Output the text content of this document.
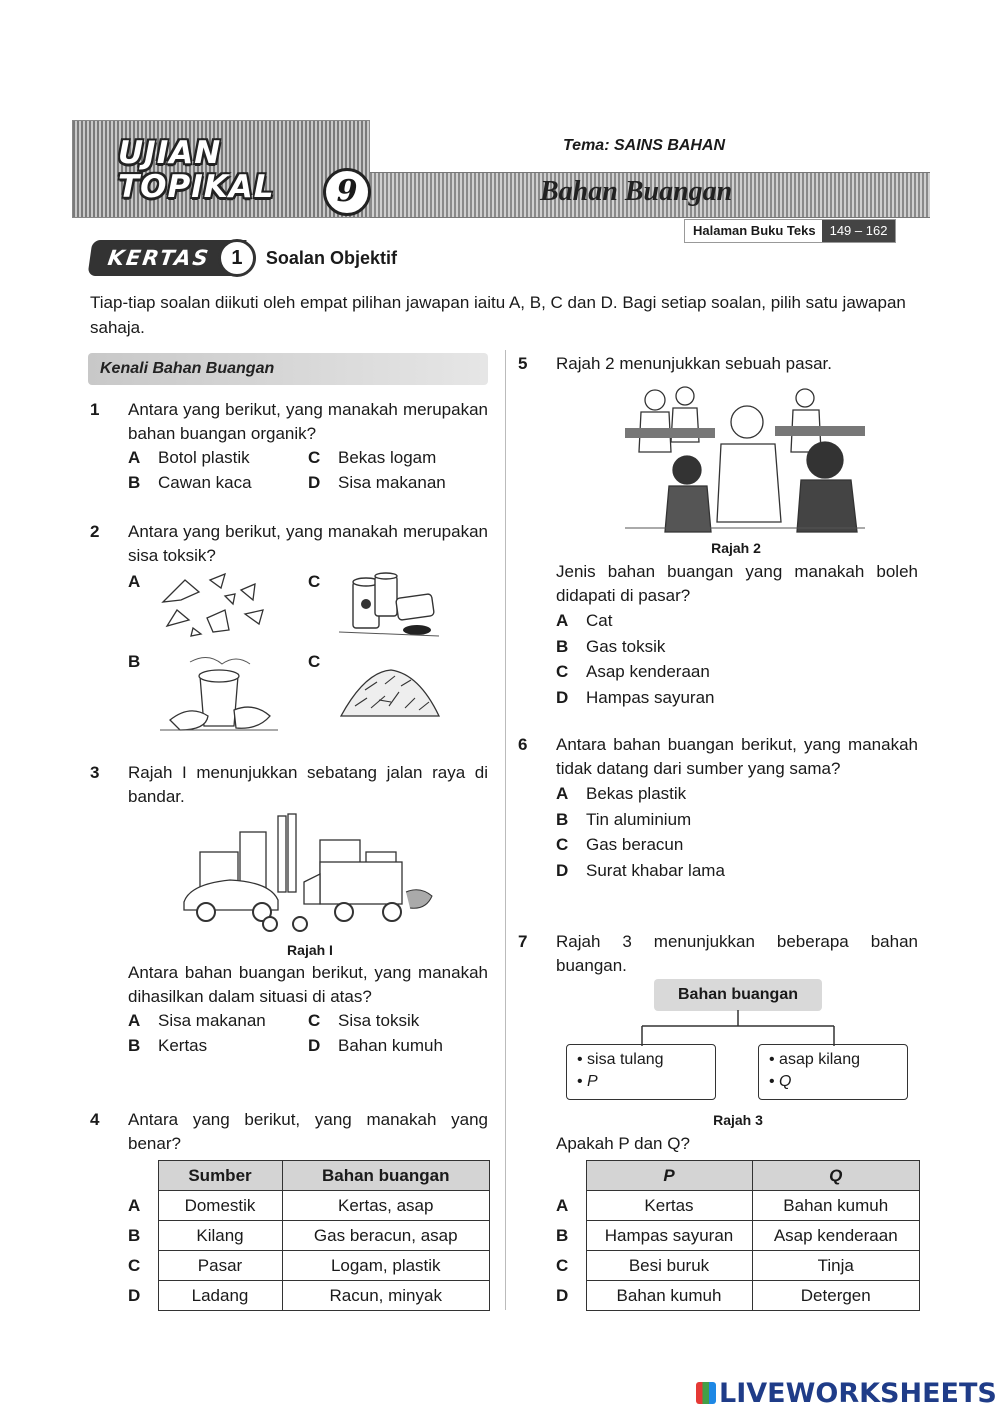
UJIAN
TOPIKAL
Tema: SAINS BAHAN
9	Bahan Buangan
Halaman Buku Teks	149 – 162
KERTAS 1	Soalan Objektif
Tiap-tiap soalan diikuti oleh empat pilihan jawapan iaitu A, B, C dan D. Bagi setiap soalan, pilih satu jawapan sahaja.
Kenali Bahan Buangan
1 Antara yang berikut, yang manakah merupakan bahan buangan organik?
A	Botol plastik	C	Bekas logam
B	Cawan kaca	D	Sisa makanan
2 Antara yang berikut, yang manakah merupakan sisa toksik?
A	C
B	C
3 Rajah I menunjukkan sebatang jalan raya di bandar.
Rajah I
Antara bahan buangan berikut, yang manakah dihasilkan dalam situasi di atas?
A	Sisa makanan C	Sisa toksik
B	Kertas	D	Bahan kumuh
4 Antara yang berikut, yang manakah yang benar?
	Sumber	Bahan buangan
A	Domestik	Kertas, asap
B	Kilang	Gas beracun, asap
C	Pasar	Logam, plastik
D	Ladang	Racun, minyak
5 Rajah 2 menunjukkan sebuah pasar.
Rajah 2
Jenis bahan buangan yang manakah boleh didapati di pasar?
A	Cat
B	Gas toksik
C	Asap kenderaan
D	Hampas sayuran
6 Antara bahan buangan berikut, yang manakah tidak datang dari sumber yang sama?
A	Bekas plastik
B	Tin aluminium
C	Gas beracun
D	Surat khabar lama
7 Rajah 3 menunjukkan beberapa bahan buangan.
Bahan buangan
• sisa tulang
• P
• asap kilang
• Q
Rajah 3
Apakah P dan Q?
	P	Q
A	Kertas	Bahan kumuh
B	Hampas sayuran	Asap kenderaan
C	Besi buruk	Tinja
D	Bahan kumuh	Detergen
LIVEWORKSHEETS
